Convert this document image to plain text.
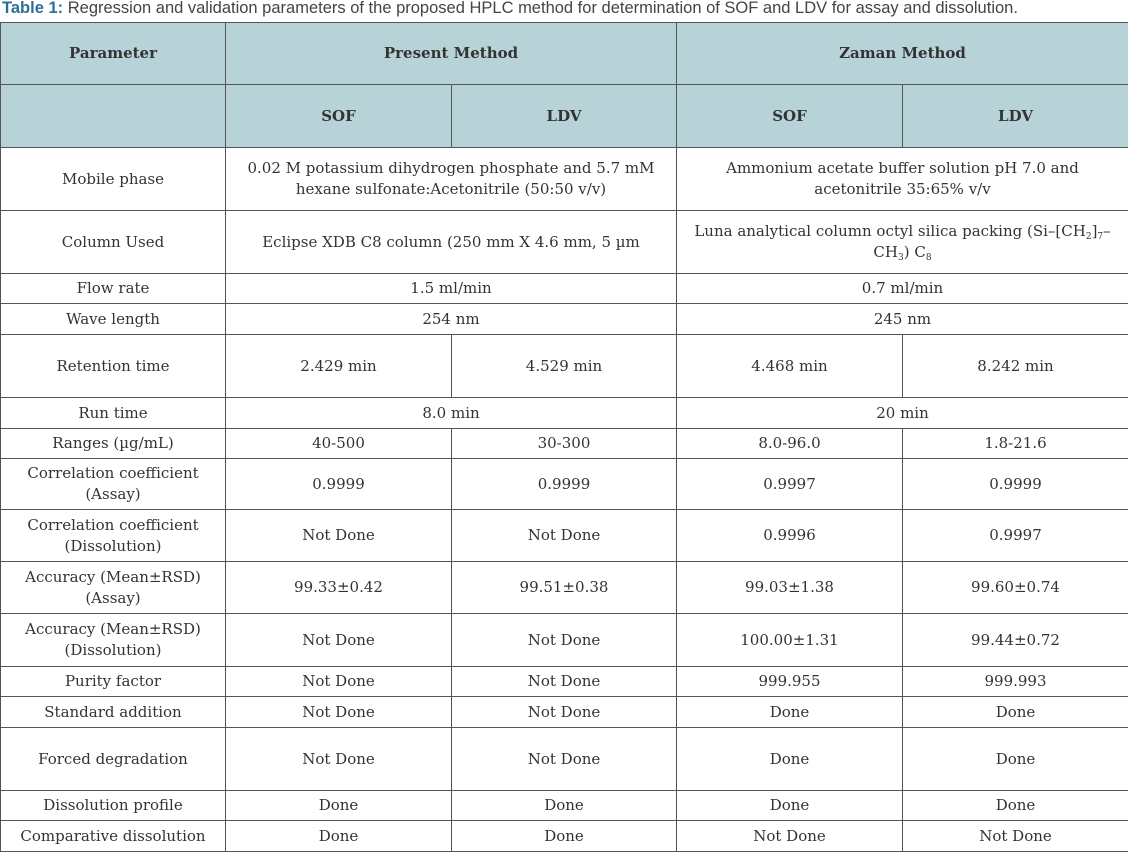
Table 1: Regression and validation parameters of the proposed HPLC method for determination of SOF and LDV for assay and dissolution.
Parameter	Present Method		Zaman Method	
	SOF	LDV	SOF	LDV
Mobile phase	0.02 M potassium dihydrogen phosphate and 5.7 mM hexane sulfonate:Acetonitrile (50:50 v/v)		Ammonium acetate buffer solution pH 7.0 and acetonitrile 35:65% v/v	
Column Used	Eclipse XDB C8 column (250 mm X 4.6 mm, 5 µm		Luna analytical column octyl silica packing $(Si-[CH_2]_7-CH_3)$ $C_8$
Flow rate	1.5 ml/min		0.7 ml/min	
Wave length	254 nm		245 nm	
Retention time	2.429 min	4.529 min	4.468 min	8.242 min
Run time	8.0 min		20 min	
Ranges (µg/mL)	40-500	30-300	8.0-96.0	1.8-21.6
Correlation coefficient (Assay)	0.9999	0.9999	0.9997	0.9999
Correlation coefficient (Dissolution)	Not Done	Not Done	0.9996	0.9997
Accuracy (Mean±RSD) (Assay)	99.33±0.42	99.51±0.38	99.03±1.38	99.60±0.74
Accuracy (Mean±RSD) (Dissolution)	Not Done	Not Done	100.00±1.31	99.44±0.72
Purity factor	Not Done	Not Done	999.955	999.993
Standard addition	Not Done	Not Done	Done	Done
Forced degradation	Not Done	Not Done	Done	Done
Dissolution profile	Done	Done	Done	Done
Comparative dissolution	Done	Done	Not Done	Not Done
